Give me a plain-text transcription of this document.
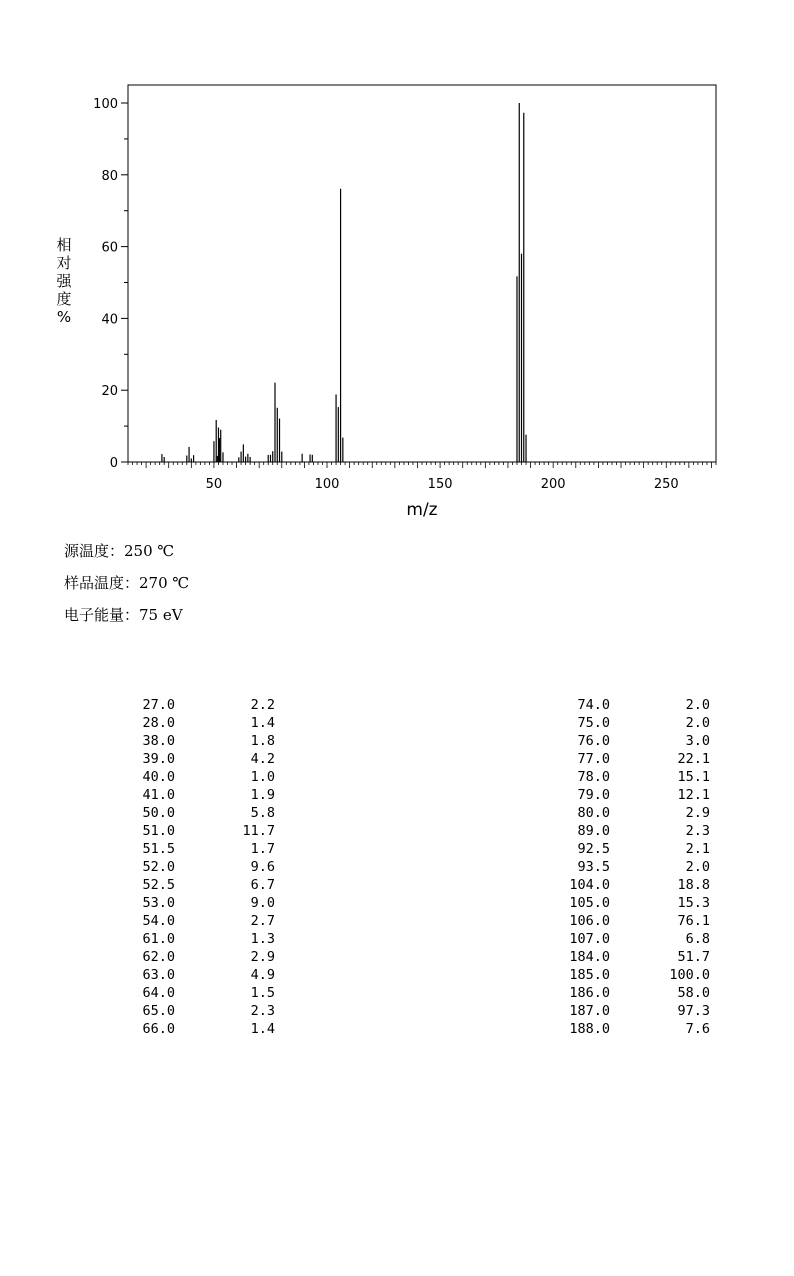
0
20
40
60
80
100
50	100	150	200	250
m/z
相
对
强
度
%
源温度：250 ℃
样品温度：270 ℃
电子能量：75 eV
27.0	2.2
28.0	1.4
38.0	1.8
39.0	4.2
40.0	1.0
41.0	1.9
50.0	5.8
51.0	11.7
51.5	1.7
52.0	9.6
52.5	6.7
53.0	9.0
54.0	2.7
61.0	1.3
62.0	2.9
63.0	4.9
64.0	1.5
65.0	2.3
66.0	1.4
74.0	2.0
75.0	2.0
76.0	3.0
77.0	22.1
78.0	15.1
79.0	12.1
80.0	2.9
89.0	2.3
92.5	2.1
93.5	2.0
104.0	18.8
105.0	15.3
106.0	76.1
107.0	6.8
184.0	51.7
185.0	100.0
186.0	58.0
187.0	97.3
188.0	7.6
